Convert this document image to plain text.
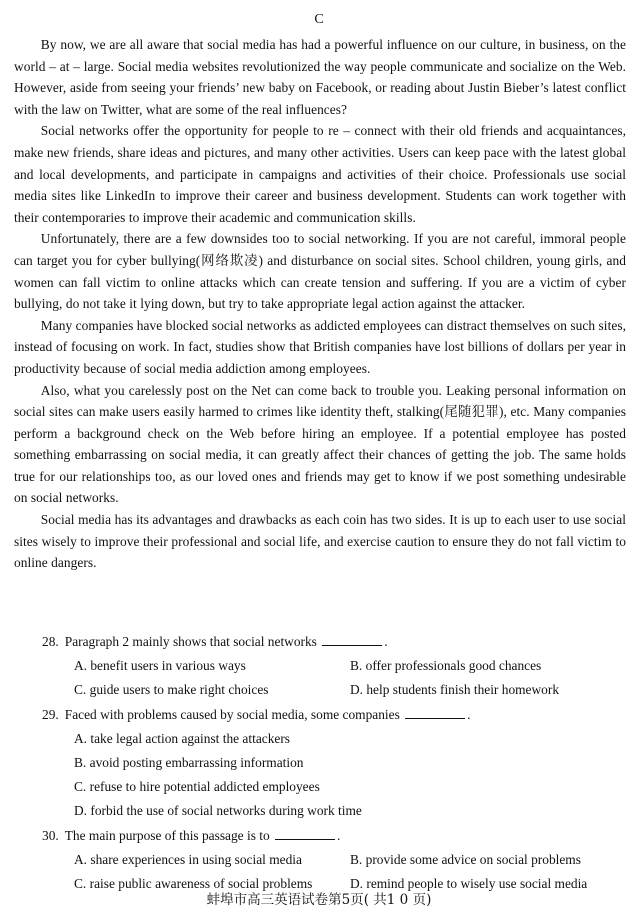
C

By now, we are all aware that social media has had a powerful influence on our culture, in business, on the world – at – large. Social media websites revolutionized the way people communicate and socialize on the Web. However, aside from seeing your friends’ new baby on Facebook, or reading about Justin Bieber’s latest conflict with the law on Twitter, what are some of the real influences?

Social networks offer the opportunity for people to re – connect with their old friends and acquaintances, make new friends, share ideas and pictures, and many other activities. Users can keep pace with the latest global and local developments, and participate in campaigns and activities of their choice. Professionals use social media sites like LinkedIn to improve their career and business development. Students can work together with their contemporaries to improve their academic and communication skills.

Unfortunately, there are a few downsides too to social networking. If you are not careful, immoral people can target you for cyber bullying(网络欺凌) and disturbance on social sites. School children, young girls, and women can fall victim to online attacks which can create tension and suffering. If you are a victim of cyber bullying, do not take it lying down, but try to take appropriate legal action against the attacker.

Many companies have blocked social networks as addicted employees can distract themselves on such sites, instead of focusing on work. In fact, studies show that British companies have lost billions of dollars per year in productivity because of social media addiction among employees.

Also, what you carelessly post on the Net can come back to trouble you. Leaking personal information on social sites can make users easily harmed to crimes like identity theft, stalking(尾随犯罪), etc. Many companies perform a background check on the Web before hiring an employee. If a potential employee has posted something embarrassing on social media, it can greatly affect their chances of getting the job. The same holds true for our relationships too, as our loved ones and friends may get to know if we post something undesirable on social networks.

Social media has its advantages and drawbacks as each coin has two sides. It is up to each user to use social sites wisely to improve their professional and social life, and exercise caution to ensure they do not fall victim to online dangers.

28. Paragraph 2 mainly shows that social networks	.
A. benefit users in various ways	B. offer professionals good chances
C. guide users to make right choices	D. help students finish their homework
29. Faced with problems caused by social media, some companies	.
A. take legal action against the attackers
B. avoid posting embarrassing information
C. refuse to hire potential addicted employees
D. forbid the use of social networks during work time
30. The main purpose of this passage is to	.
A. share experiences in using social media	B. provide some advice on social problems
C. raise public awareness of social problems	D. remind people to wisely use social media
蚌埠市高三英语试卷第5页( 共1 0 页)
